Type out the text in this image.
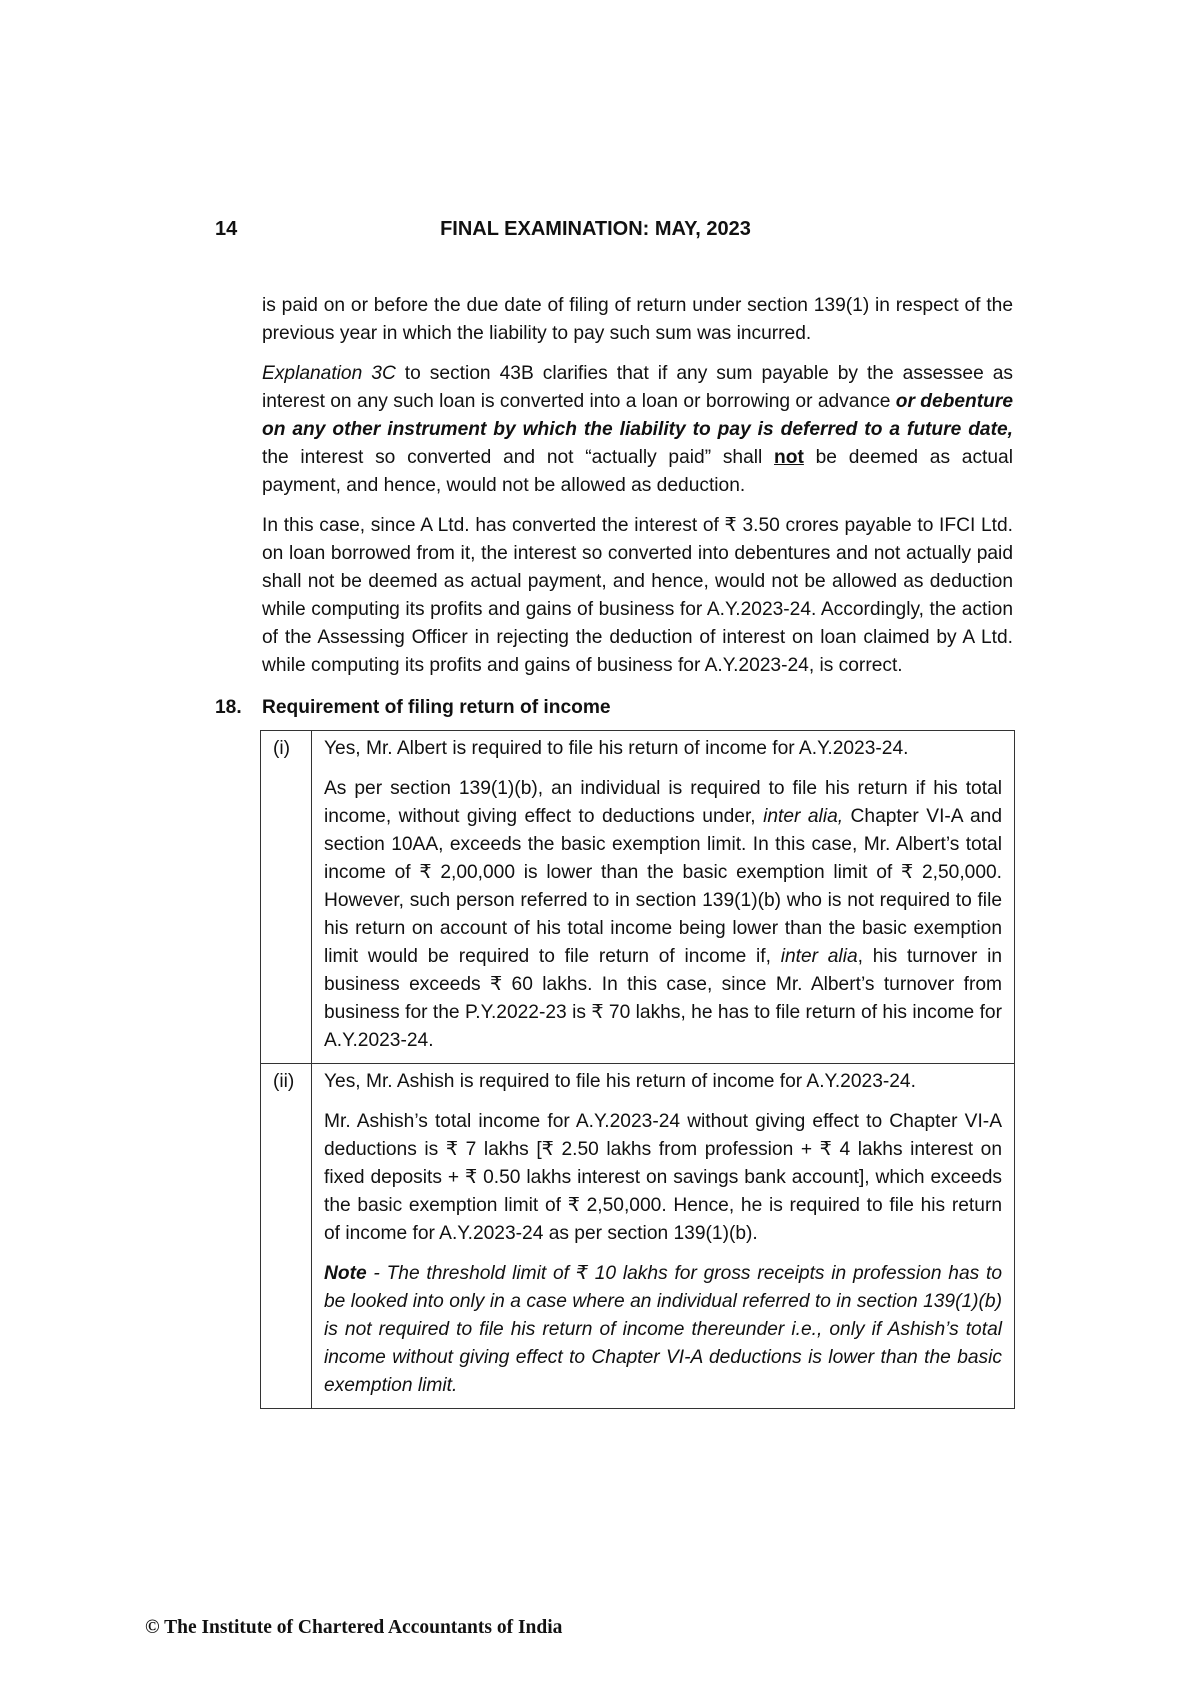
14	FINAL EXAMINATION: MAY, 2023

is paid on or before the due date of filing of return under section 139(1) in respect of the previous year in which the liability to pay such sum was incurred.

Explanation 3C to section 43B clarifies that if any sum payable by the assessee as interest on any such loan is converted into a loan or borrowing or advance or debenture on any other instrument by which the liability to pay is deferred to a future date, the interest so converted and not “actually paid” shall not be deemed as actual payment, and hence, would not be allowed as deduction.

In this case, since A Ltd. has converted the interest of ₹ 3.50 crores payable to IFCI Ltd. on loan borrowed from it, the interest so converted into debentures and not actually paid shall not be deemed as actual payment, and hence, would not be allowed as deduction while computing its profits and gains of business for A.Y.2023-24. Accordingly, the action of the Assessing Officer in rejecting the deduction of interest on loan claimed by A Ltd. while computing its profits and gains of business for A.Y.2023-24, is correct.

18. Requirement of filing return of income
(i)	Yes, Mr. Albert is required to file his return of income for A.Y.2023-24.

As per section 139(1)(b), an individual is required to file his return if his total income, without giving effect to deductions under, inter alia, Chapter VI-A and section 10AA, exceeds the basic exemption limit. In this case, Mr. Albert’s total income of ₹ 2,00,000 is lower than the basic exemption limit of ₹ 2,50,000. However, such person referred to in section 139(1)(b) who is not required to file his return on account of his total income being lower than the basic exemption limit would be required to file return of income if, inter alia, his turnover in business exceeds ₹ 60 lakhs. In this case, since Mr. Albert’s turnover from business for the P.Y.2022-23 is ₹ 70 lakhs, he has to file return of his income for A.Y.2023-24.

(ii)	Yes, Mr. Ashish is required to file his return of income for A.Y.2023-24.

Mr. Ashish’s total income for A.Y.2023-24 without giving effect to Chapter VI-A deductions is ₹ 7 lakhs [₹ 2.50 lakhs from profession + ₹ 4 lakhs interest on fixed deposits + ₹ 0.50 lakhs interest on savings bank account], which exceeds the basic exemption limit of ₹ 2,50,000. Hence, he is required to file his return of income for A.Y.2023-24 as per section 139(1)(b).

Note - The threshold limit of ₹ 10 lakhs for gross receipts in profession has to be looked into only in a case where an individual referred to in section 139(1)(b) is not required to file his return of income thereunder i.e., only if Ashish’s total income without giving effect to Chapter VI-A deductions is lower than the basic exemption limit.

© The Institute of Chartered Accountants of India
